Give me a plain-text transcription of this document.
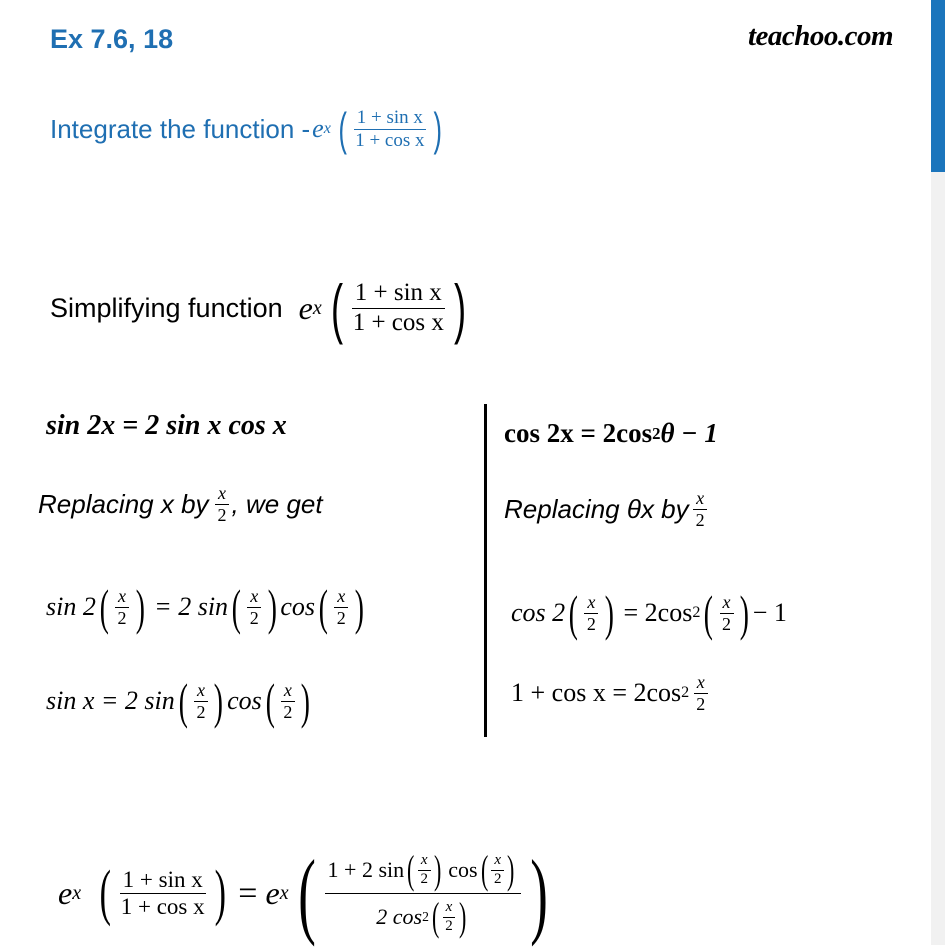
Ex 7.6, 18	teachoo.com
Integrate the function - e x ( $\frac{\text{1 + sin x}}{\text{1 + cos x}}$ )
Simplifying function e x ( $\frac{\text{1 + sin x}}{\text{1 + cos x}}$ )
sin 2x = 2 sin x cos x
Replacing x by $\frac{x}{2}$ , we get
sin 2 ( $\frac{x}{2}$ ) = 2 sin ( $\frac{x}{2}$ ) cos ( $\frac{x}{2}$ )
sin x = 2 sin ( $\frac{x}{2}$ ) cos ( $\frac{x}{2}$ )
cos 2x = 2cos 2 θ − 1
Replacing θx by $\frac{x}{2}$
cos 2 ( $\frac{x}{2}$ ) = 2cos 2 ( $\frac{x}{2}$ ) − 1
1 + cos x = 2cos $2 \frac{x}{2}$
e x ( $\frac{\text{1 + sin x}}{\text{1 + cos x}}$ ) = e x ( $\frac{1 + 2 \sin ( \frac{x}{2} ) \cos ( \frac{x}{2} )}{2 \cos 2 ( \frac{x}{2} )}$ )
